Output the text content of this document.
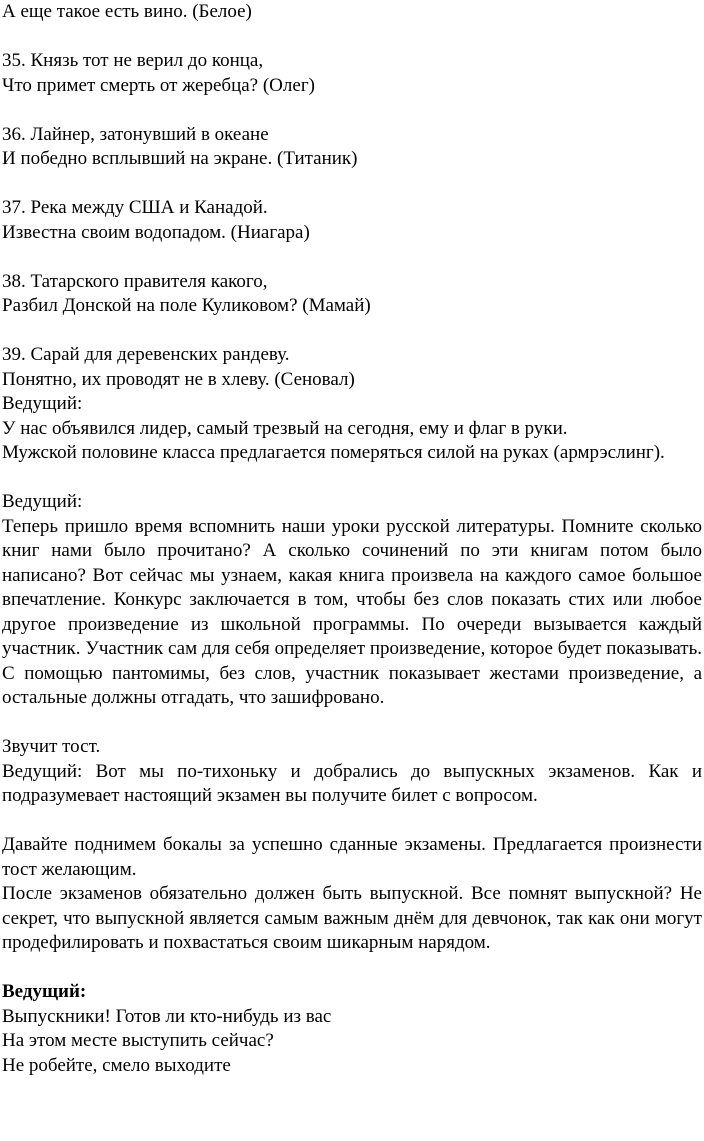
А еще такое есть вино. (Белое)

35. Князь тот не верил до конца,

Что примет смерть от жеребца? (Олег)

36. Лайнер, затонувший в океане

И победно всплывший на экране. (Титаник)

37. Река между США и Канадой.

Известна своим водопадом. (Ниагара)

38. Татарского правителя какого,

Разбил Донской на поле Куликовом? (Мамай)

39. Сарай для деревенских рандеву.

Понятно, их проводят не в хлеву. (Сеновал)

Ведущий:

У нас объявился лидер, самый трезвый на сегодня, ему и флаг в руки.

Мужской половине класса предлагается померяться силой на руках (армрэслинг).

Ведущий:

Теперь пришло время вспомнить наши уроки русской литературы. Помните сколько книг нами было прочитано? А сколько сочинений по эти книгам потом было написано? Вот сейчас мы узнаем, какая книга произвела на каждого самое большое впечатление. Конкурс заключается в том, чтобы без слов показать стих или любое другое произведение из школьной программы. По очереди вызывается каждый участник. Участник сам для себя определяет произведение, которое будет показывать. С помощью пантомимы, без слов, участник показывает жестами произведение, а остальные должны отгадать, что зашифровано.

Звучит тост.

Ведущий: Вот мы по-тихоньку и добрались до выпускных экзаменов. Как и подразумевает настоящий экзамен вы получите билет с вопросом.

Давайте поднимем бокалы за успешно сданные экзамены. Предлагается произнести тост желающим.

После экзаменов обязательно должен быть выпускной. Все помнят выпускной? Не секрет, что выпускной является самым важным днём для девчонок, так как они могут продефилировать и похвастаться своим шикарным нарядом.

Ведущий:

Выпускники! Готов ли кто-нибудь из вас

На этом месте выступить сейчас?

Не робейте, смело выходите
